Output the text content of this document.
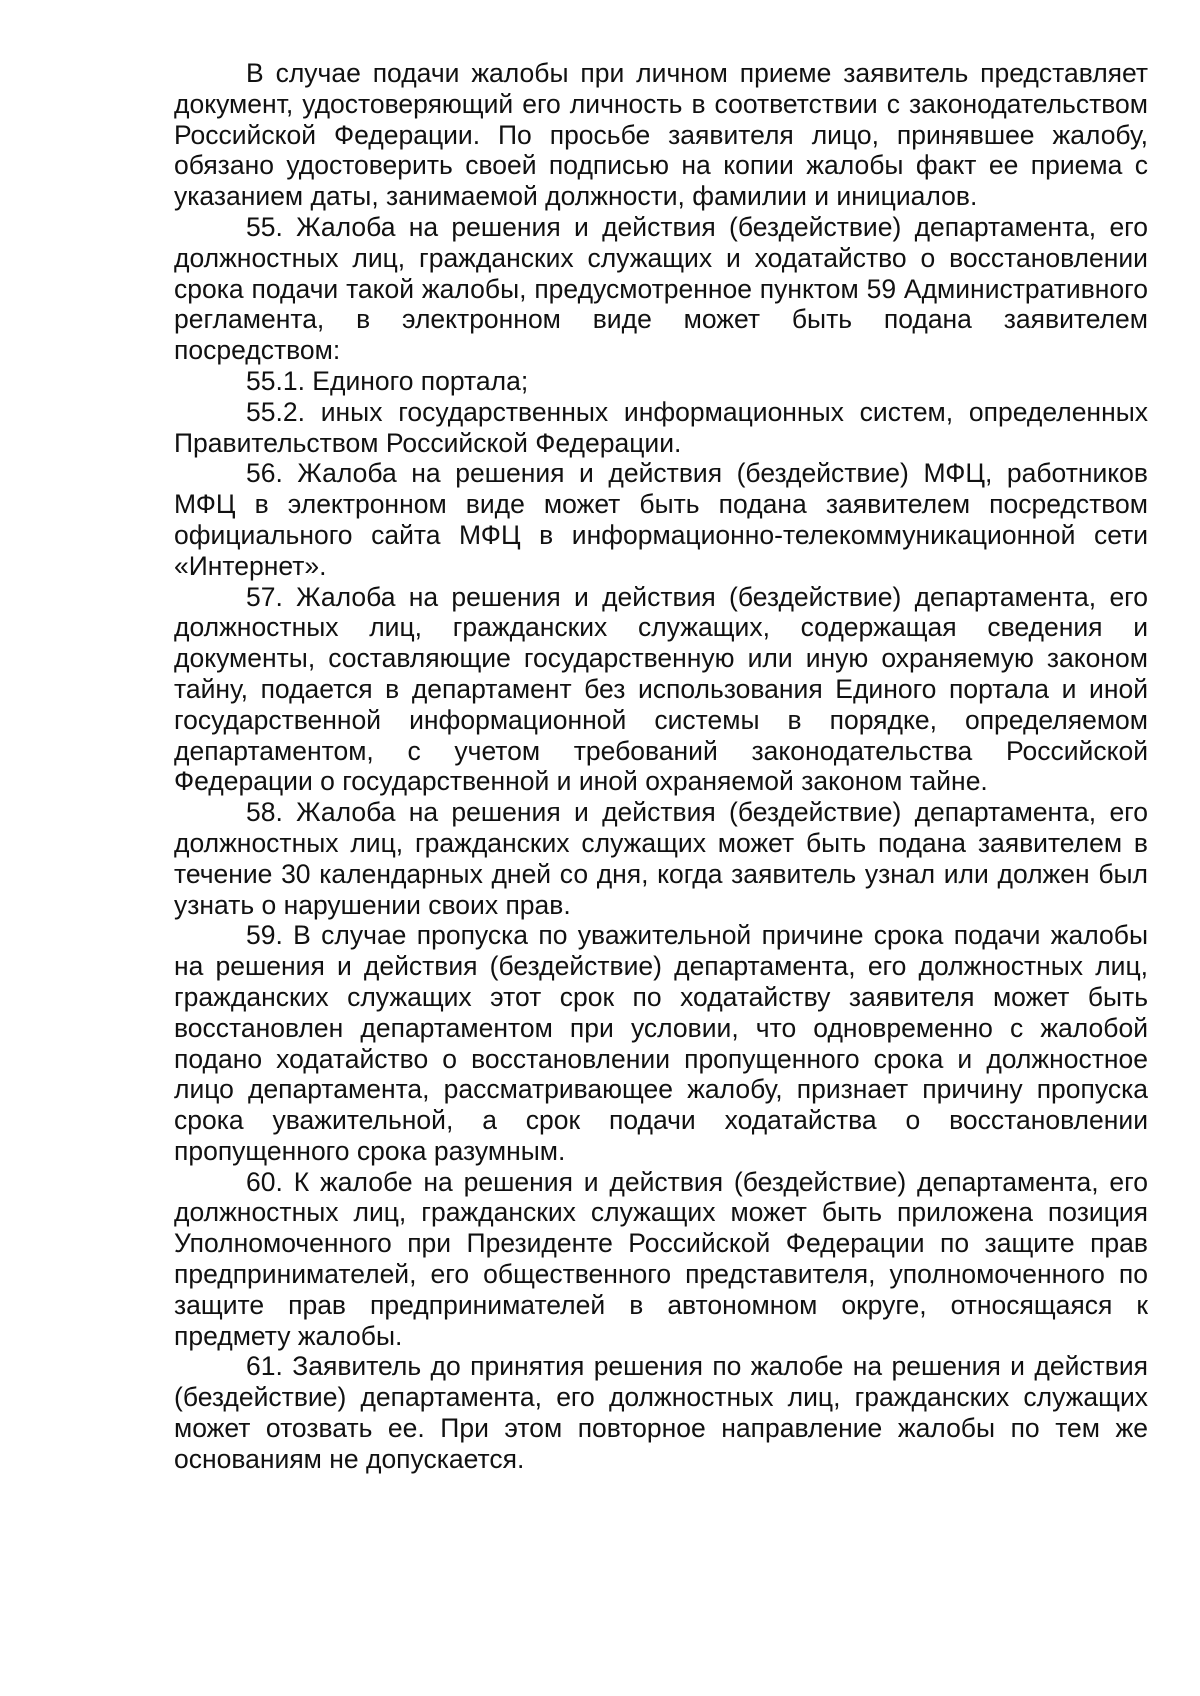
В случае подачи жалобы при личном приеме заявитель представляет документ, удостоверяющий его личность в соответствии с законодательством Российской Федерации. По просьбе заявителя лицо, принявшее жалобу, обязано удостоверить своей подписью на копии жалобы факт ее приема с указанием даты, занимаемой должности, фамилии и инициалов.

55. Жалоба на решения и действия (бездействие) департамента, его должностных лиц, гражданских служащих и ходатайство о восстановлении срока подачи такой жалобы, предусмотренное пунктом 59 Административного регламента, в электронном виде может быть подана заявителем посредством:

55.1. Единого портала;

55.2. иных государственных информационных систем, определенных Правительством Российской Федерации.

56. Жалоба на решения и действия (бездействие) МФЦ, работников МФЦ в электронном виде может быть подана заявителем посредством официального сайта МФЦ в информационно-телекоммуникационной сети «Интернет».

57. Жалоба на решения и действия (бездействие) департамента, его должностных лиц, гражданских служащих, содержащая сведения и документы, составляющие государственную или иную охраняемую законом тайну, подается в департамент без использования Единого портала и иной государственной информационной системы в порядке, определяемом департаментом, с учетом требований законодательства Российской Федерации о государственной и иной охраняемой законом тайне.

58. Жалоба на решения и действия (бездействие) департамента, его должностных лиц, гражданских служащих может быть подана заявителем в течение 30 календарных дней со дня, когда заявитель узнал или должен был узнать о нарушении своих прав.

59. В случае пропуска по уважительной причине срока подачи жалобы на решения и действия (бездействие) департамента, его должностных лиц, гражданских служащих этот срок по ходатайству заявителя может быть восстановлен департаментом при условии, что одновременно с жалобой подано ходатайство о восстановлении пропущенного срока и должностное лицо департамента, рассматривающее жалобу, признает причину пропуска срока уважительной, а срок подачи ходатайства о восстановлении пропущенного срока разумным.

60. К жалобе на решения и действия (бездействие) департамента, его должностных лиц, гражданских служащих может быть приложена позиция Уполномоченного при Президенте Российской Федерации по защите прав предпринимателей, его общественного представителя, уполномоченного по защите прав предпринимателей в автономном округе, относящаяся к предмету жалобы.

61. Заявитель до принятия решения по жалобе на решения и действия (бездействие) департамента, его должностных лиц, гражданских служащих может отозвать ее. При этом повторное направление жалобы по тем же основаниям не допускается.
